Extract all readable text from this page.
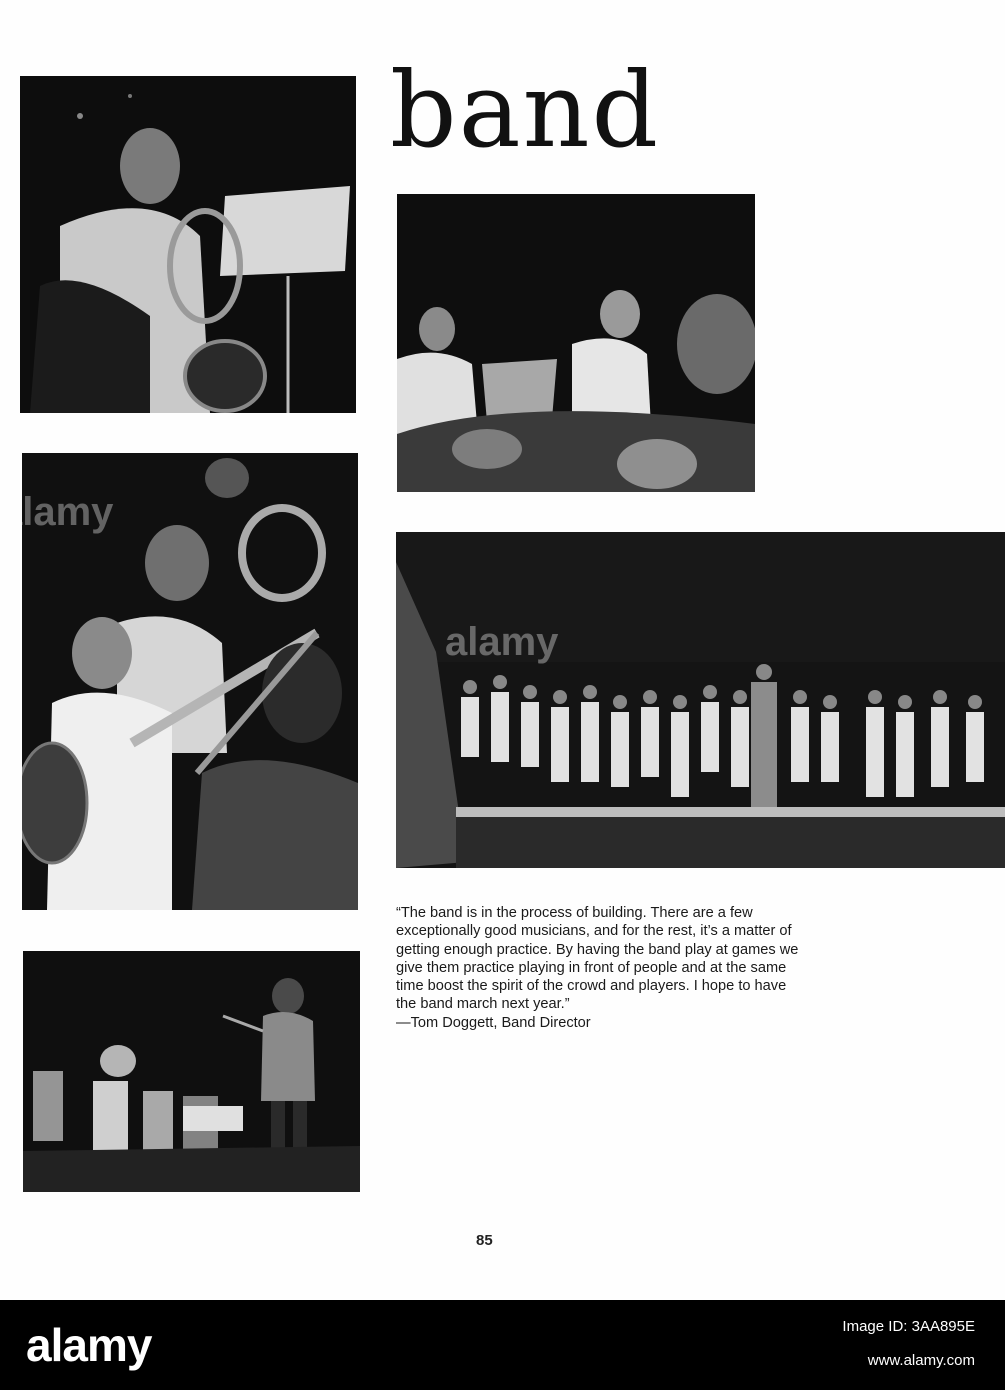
band

“The band is in the process of building. There are a few

exceptionally good musicians, and for the rest, it’s a matter of

getting enough practice. By having the band play at games we

give them practice playing in front of people and at the same

time boost the spirit of the crowd and players. I hope to have

the band march next year.”

—Tom Doggett, Band Director

85
alamy
alamy
alamy	Image ID: 3AA895E
www.alamy.com
